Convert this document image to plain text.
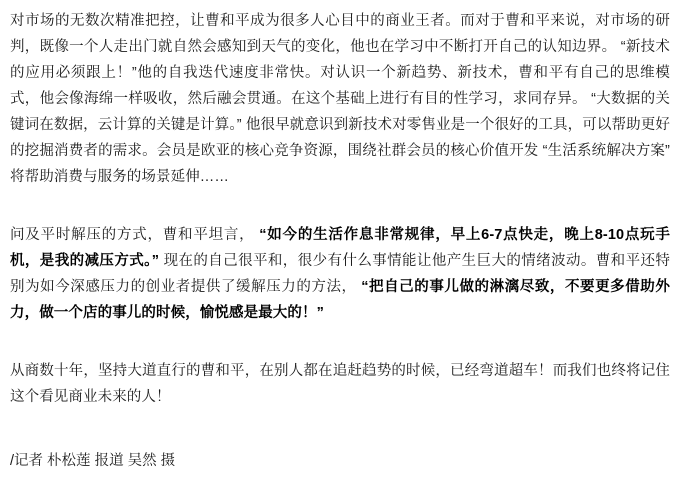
对市场的无数次精准把控，让曹和平成为很多人心目中的商业王者。而对于曹和平来说，对市场的研判，既像一个人走出门就自然会感知到天气的变化，他也在学习中不断打开自己的认知边界。 “新技术的应用必须跟上！”他的自我迭代速度非常快。对认识一个新趋势、新技术，曹和平有自己的思维模式，他会像海绵一样吸收，然后融会贯通。在这个基础上进行有目的性学习，求同存异。 “大数据的关键词在数据，云计算的关键是计算。” 他很早就意识到新技术对零售业是一个很好的工具，可以帮助更好的挖掘消费者的需求。会员是欧亚的核心竞争资源，围绕社群会员的核心价值开发 “生活系统解决方案” 将帮助消费与服务的场景延伸……

问及平时解压的方式，曹和平坦言， “如今的生活作息非常规律，早上6-7点快走，晚上8-10点玩手机，是我的减压方式。” 现在的自己很平和，很少有什么事情能让他产生巨大的情绪波动。曹和平还特别为如今深感压力的创业者提供了缓解压力的方法， “把自己的事儿做的淋漓尽致，不要更多借助外力，做一个店的事儿的时候，愉悦感是最大的！”

从商数十年，坚持大道直行的曹和平，在别人都在追赶趋势的时候，已经弯道超车！而我们也终将记住这个看见商业未来的人！

/记者 朴松莲 报道 吴然 摄
